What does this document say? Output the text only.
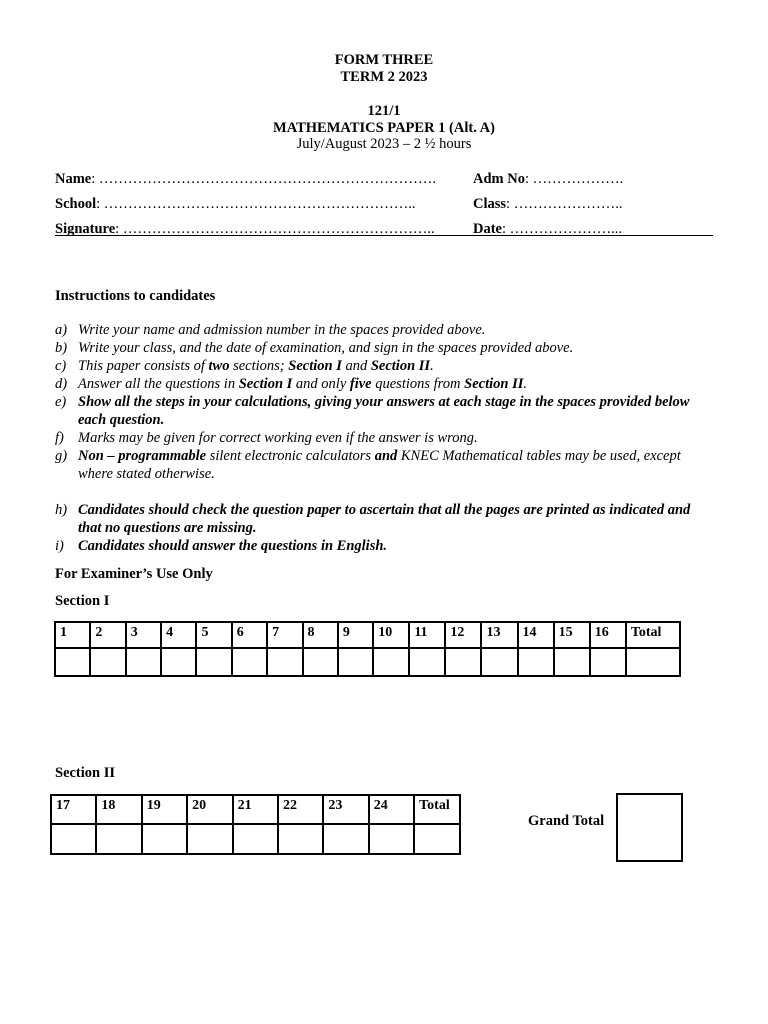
FORM THREE
TERM 2 2023
121/1
MATHEMATICS PAPER 1 (Alt. A)
July/August 2023 – 2 ½ hours
Name: …………………………………………………………….	Adm No: ……………….
School: ………………………………………………………..	Class: …………………..
Signature: ………………………………………………………..	Date: …………………...
Instructions to candidates
a) Write your name and admission number in the spaces provided above.
b) Write your class, and the date of examination, and sign in the spaces provided above.
c) This paper consists of two sections; Section I and Section II.
d) Answer all the questions in Section I and only five questions from Section II.
e) Show all the steps in your calculations, giving your answers at each stage in the spaces provided below each question.
f) Marks may be given for correct working even if the answer is wrong.
g) Non – programmable silent electronic calculators and KNEC Mathematical tables may be used, except where stated otherwise.
h) Candidates should check the question paper to ascertain that all the pages are printed as indicated and that no questions are missing.
i) Candidates should answer the questions in English.
For Examiner’s Use Only
Section I
1	2	3	4	5	6	7	8	9	10	11	12	13	14	15	16	Total

Section II
17	18	19	20	21	22	23	24	Total

Grand Total
